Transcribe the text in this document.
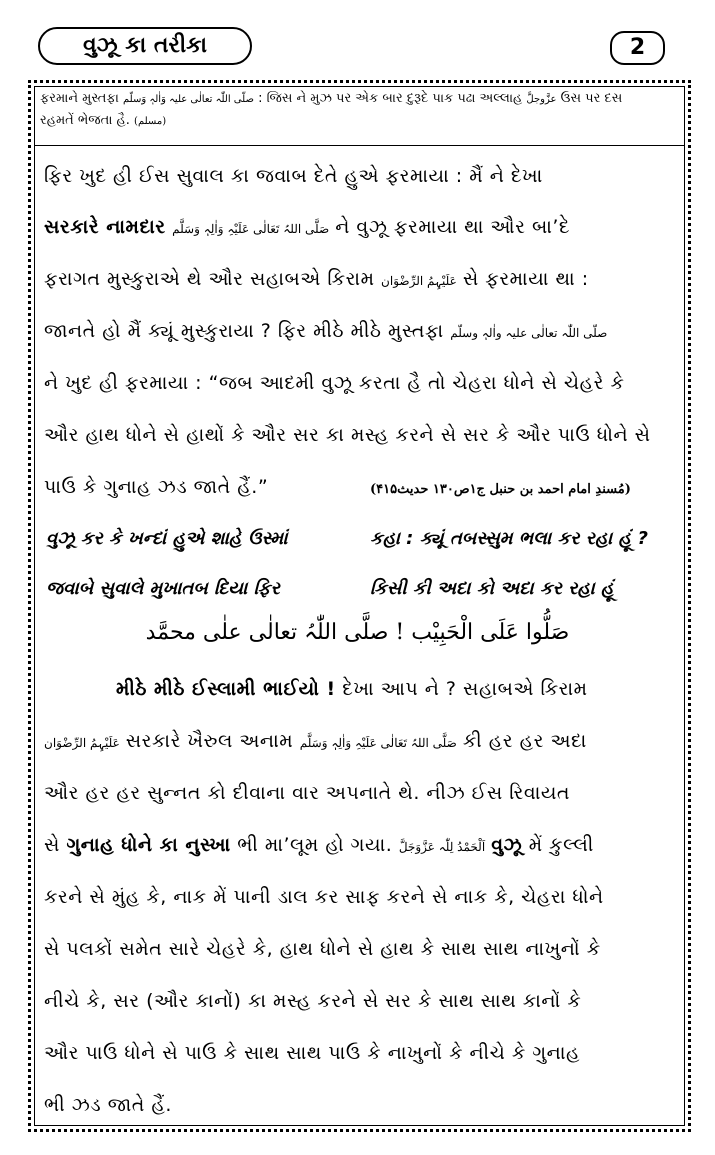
વુઝૂ કા તરીકા	2
ફરમાને મુસ્તફા صلّی اللّٰہ تعالٰی علیہ وَاٰلہٖ وَسلّم : જિસ ને મુઝ પર એક બાર દુરૂદે પાક પઢા અલ્લાહ عزَّوجلَّ ઉસ પર દસ
રહમતેં ભેજતા હૈ. (مسلم)
ફિર ખુદ હી ઈસ સુવાલ કા જવાબ દેતે હુએ ફરમાયા : મૈં ને દેખા
સરકારે નામદાર صَلَّی اللہُ تَعَالٰی عَلَیْہِ وَاٰلِہٖ وَسَلَّم ને વુઝૂ ફરમાયા થા ઔર બા’દે
ફરાગત મુસ્કુરાએ થે ઔર સહાબએ કિરામ عَلَیْہِمُ الرِّضْوَان સે ફરમાયા થા :
જાનતે હો મૈં ક્યૂં મુસ્કુરાયા ? ફિર મીઠે મીઠે મુસ્તફા صلّی اللّٰہ تعالٰی علیہ واٰلہٖ وسلّم
ને ખુદ હી ફરમાયા : “જબ આદમી વુઝૂ કરતા હૈ તો ચેહરા ધોને સે ચેહરે કે
ઔર હાથ ધોને સે હાથોં કે ઔર સર કા મસ્હ કરને સે સર કે ઔર પાઉ ધોને સે
પાઉ કે ગુનાહ ઝડ જાતે હૈં.”	(مُسندِ امام احمد بن حنبل ج۱ص۱۳۰ حدیث۴۱۵)
વુઝૂ કર કે ખન્દાં હુએ શાહે ઉસ્માં	કહા : ક્યૂં તબસ્સુમ ભલા કર રહા હૂં ?
જવાબે સુવાલે મુખાતબ દિયા ફિર	કિસી કી અદા કો અદા કર રહા હૂં
صَلُّوا عَلَی الْحَبِیْب ! صلَّی اللّٰہُ تعالٰی علٰی محمَّد
મીઠે મીઠે ઈસ્લામી ભાઈયો ! દેખા આપ ને ? સહાબએ કિરામ
عَلَیْہِمُ الرِّضْوَان સરકારે ખૈરુલ અનામ صَلَّی اللہُ تَعَالٰی عَلَیْہِ وَاٰلِہٖ وَسَلَّم કી હર હર અદા
ઔર હર હર સુન્નત કો દીવાના વાર અપનાતે થે. નીઝ ઈસ રિવાયત
સે ગુનાહ ધોને કા નુસ્ખા ભી મા’લૂમ હો ગયા. اَلْحَمْدُ لِلّٰہ عَزَّوَجَلَّ વુઝૂ મેં કુલ્લી
કરને સે મુંહ કે, નાક મેં પાની ડાલ કર સાફ કરને સે નાક કે, ચેહરા ધોને
સે પલકોં સમેત સારે ચેહરે કે, હાથ ધોને સે હાથ કે સાથ સાથ નાખુનોં કે
નીચે કે, સર (ઔર કાનોં) કા મસ્હ કરને સે સર કે સાથ સાથ કાનોં કે
ઔર પાઉ ધોને સે પાઉ કે સાથ સાથ પાઉ કે નાખુનોં કે નીચે કે ગુનાહ
ભી ઝડ જાતે હૈં.
